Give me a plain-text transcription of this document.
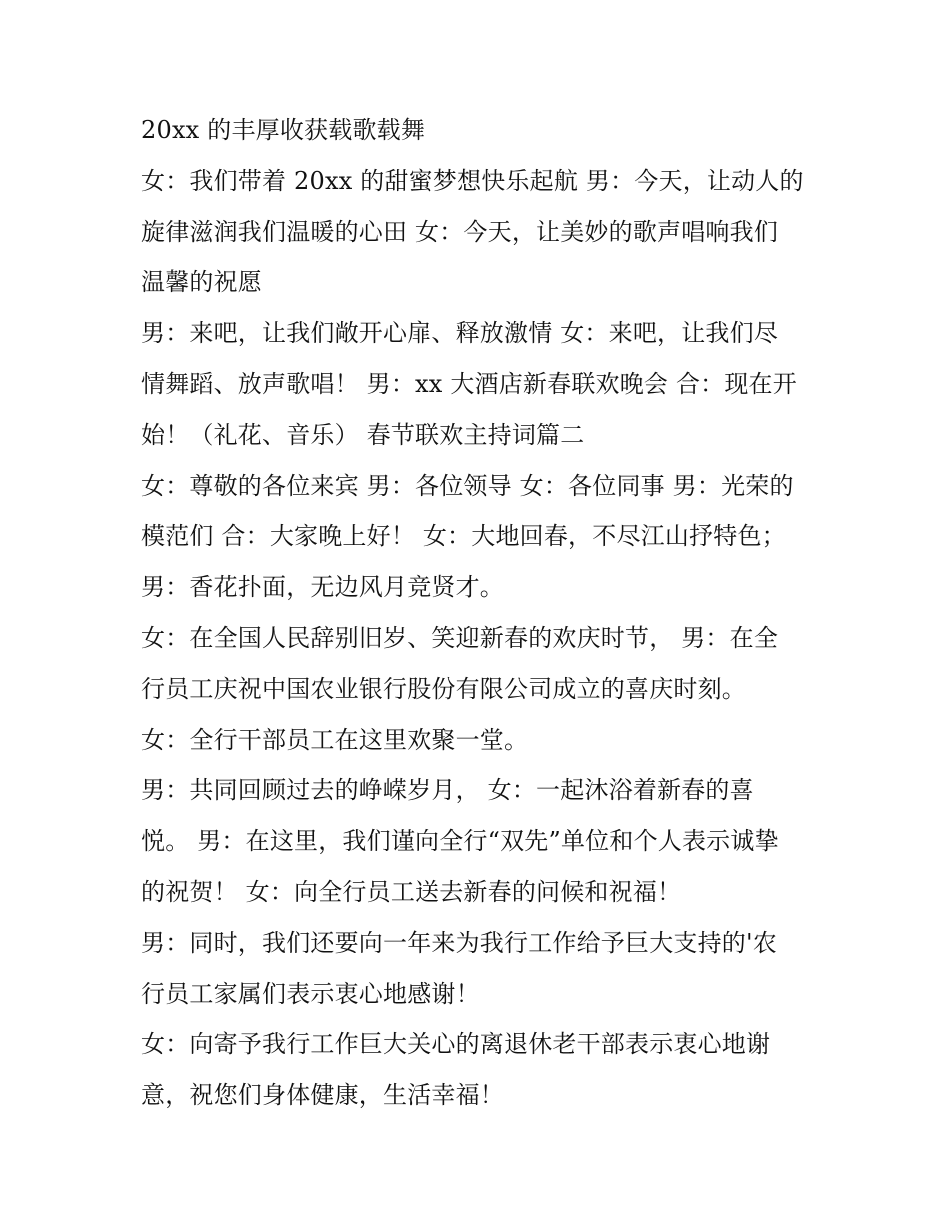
20xx 的丰厚收获载歌载舞
女：我们带着 20xx 的甜蜜梦想快乐起航 男：今天，让动人的
旋律滋润我们温暖的心田 女：今天，让美妙的歌声唱响我们
温馨的祝愿
男：来吧，让我们敞开心扉、释放激情 女：来吧，让我们尽
情舞蹈、放声歌唱！ 男：xx 大酒店新春联欢晚会 合：现在开
始！（礼花、音乐） 春节联欢主持词篇二
女：尊敬的各位来宾 男：各位领导 女：各位同事 男：光荣的
模范们 合：大家晚上好！ 女：大地回春，不尽江山抒特色；
男：香花扑面，无边风月竞贤才。
女：在全国人民辞别旧岁、笑迎新春的欢庆时节， 男：在全
行员工庆祝中国农业银行股份有限公司成立的喜庆时刻。
女：全行干部员工在这里欢聚一堂。
男：共同回顾过去的峥嵘岁月， 女：一起沐浴着新春的喜
悦。 男：在这里，我们谨向全行“双先”单位和个人表示诚挚
的祝贺！ 女：向全行员工送去新春的问候和祝福！
男：同时，我们还要向一年来为我行工作给予巨大支持的'农
行员工家属们表示衷心地感谢！
女：向寄予我行工作巨大关心的离退休老干部表示衷心地谢
意，祝您们身体健康，生活幸福！
